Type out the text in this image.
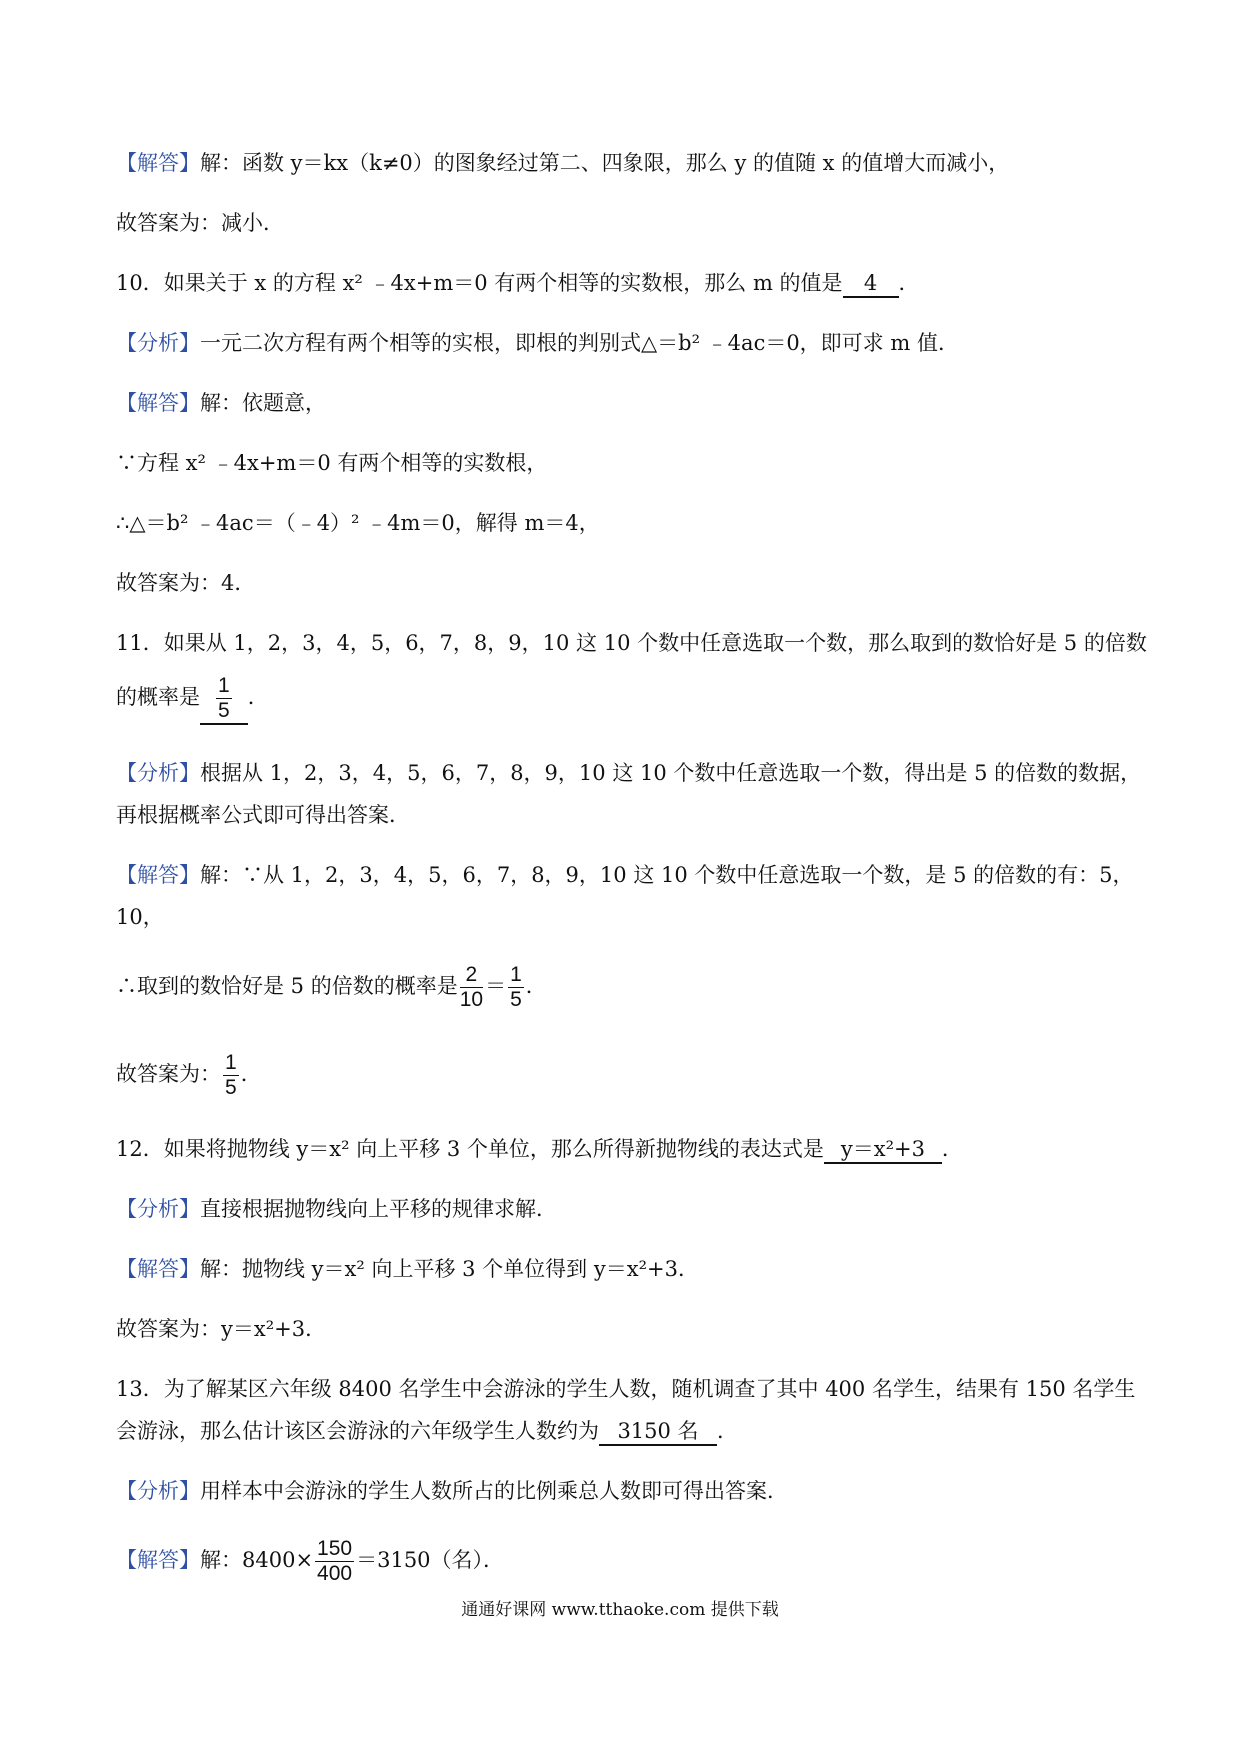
【解答】解：函数 y＝kx（k≠0）的图象经过第二、四象限，那么 y 的值随 x 的值增大而减小，
故答案为：减小．
10．如果关于 x 的方程 x² ﹣4x+m＝0 有两个相等的实数根，那么 m 的值是 4 ．
【分析】一元二次方程有两个相等的实根，即根的判别式△＝b² ﹣4ac＝0，即可求 m 值．
【解答】解：依题意，
∵方程 x² ﹣4x+m＝0 有两个相等的实数根，
∴△＝b² ﹣4ac＝（﹣4）² ﹣4m＝0，解得 m＝4，
故答案为：4．
11．如果从 1，2，3，4，5，6，7，8，9，10 这 10 个数中任意选取一个数，那么取到的数恰好是 5 的倍数
的概率是 $\frac{1}{5}$ ．
【分析】根据从 1，2，3，4，5，6，7，8，9，10 这 10 个数中任意选取一个数，得出是 5 的倍数的数据，
再根据概率公式即可得出答案．
【解答】解：∵从 1，2，3，4，5，6，7，8，9，10 这 10 个数中任意选取一个数，是 5 的倍数的有：5，
10，
∴取到的数恰好是 5 的倍数的概率是 $\frac{2}{10} = \frac{1}{5}$ ．
故答案为： $\frac{1}{5}$ ．
12．如果将抛物线 y＝x² 向上平移 3 个单位，那么所得新抛物线的表达式是 y＝x²+3 ．
【分析】直接根据抛物线向上平移的规律求解．
【解答】解：抛物线 y＝x² 向上平移 3 个单位得到 y＝x²+3．
故答案为：y＝x²+3．
13．为了解某区六年级 8400 名学生中会游泳的学生人数，随机调查了其中 400 名学生，结果有 150 名学生
会游泳，那么估计该区会游泳的六年级学生人数约为 3150 名 ．
【分析】用样本中会游泳的学生人数所占的比例乘总人数即可得出答案．
【解答】解：$8400\times \frac{150}{400} =3150$（名）．
通通好课网 www.tthaoke.com 提供下载
